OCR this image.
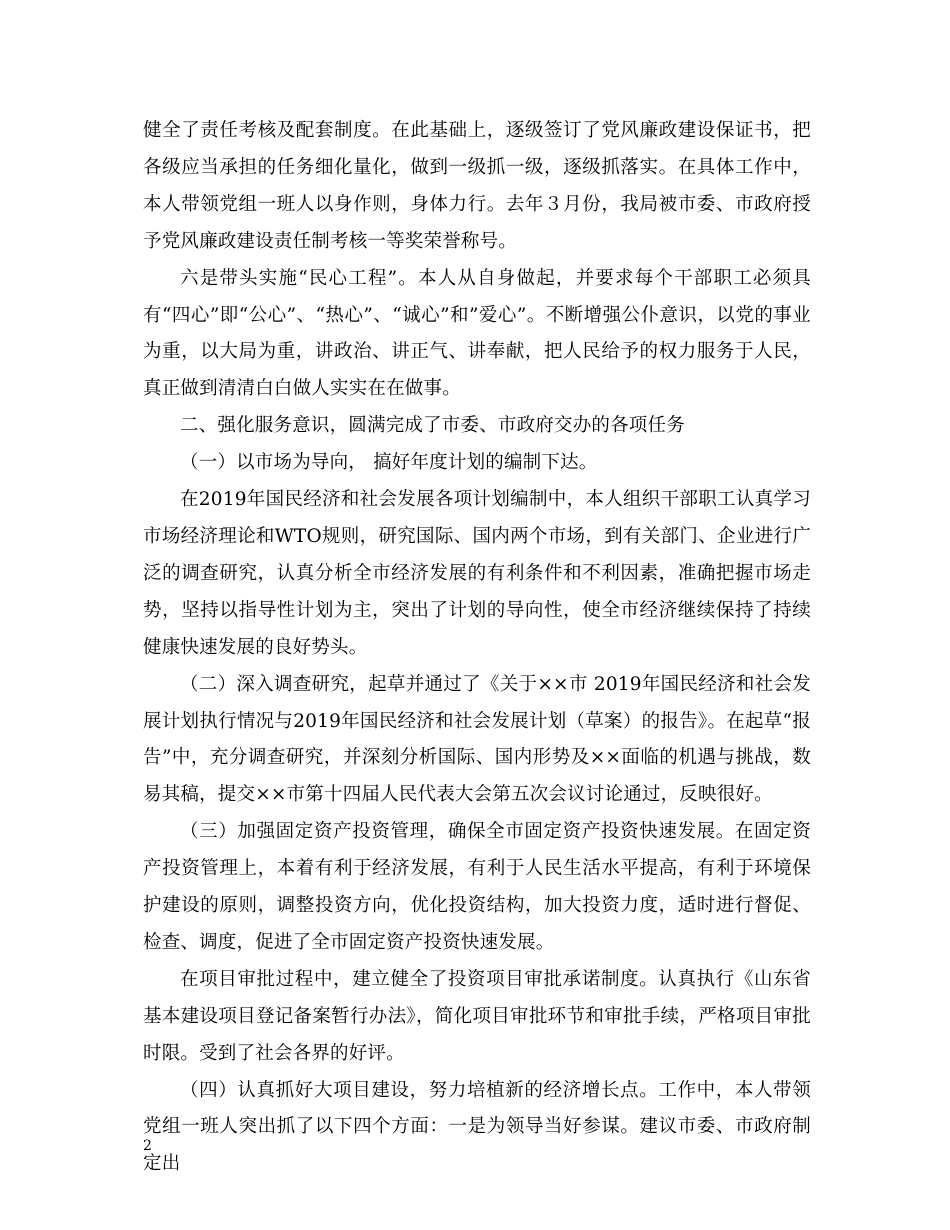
健全了责任考核及配套制度。在此基础上，逐级签订了党风廉政建设保证书，把各级应当承担的任务细化量化，做到一级抓一级，逐级抓落实。在具体工作中，本人带领党组一班人以身作则，身体力行。去年３月份，我局被市委、市政府授予党风廉政建设责任制考核一等奖荣誉称号。

六是带头实施“民心工程”。本人从自身做起，并要求每个干部职工必须具有“四心”即“公心”、“热心”、“诚心”和”爱心”。不断增强公仆意识，以党的事业为重，以大局为重，讲政治、讲正气、讲奉献，把人民给予的权力服务于人民，真正做到清清白白做人实实在在做事。

二、强化服务意识，圆满完成了市委、市政府交办的各项任务

（一）以市场为导向， 搞好年度计划的编制下达。

在2019年国民经济和社会发展各项计划编制中，本人组织干部职工认真学习市场经济理论和WTO规则，研究国际、国内两个市场，到有关部门、企业进行广泛的调查研究，认真分析全市经济发展的有利条件和不利因素，准确把握市场走势，坚持以指导性计划为主，突出了计划的导向性，使全市经济继续保持了持续健康快速发展的良好势头。

（二）深入调查研究，起草并通过了《关于××市 2019年国民经济和社会发展计划执行情况与2019年国民经济和社会发展计划（草案）的报告》。在起草“报告”中，充分调查研究，并深刻分析国际、国内形势及××面临的机遇与挑战，数易其稿，提交××市第十四届人民代表大会第五次会议讨论通过，反映很好。

（三）加强固定资产投资管理，确保全市固定资产投资快速发展。在固定资产投资管理上，本着有利于经济发展，有利于人民生活水平提高，有利于环境保护建设的原则，调整投资方向，优化投资结构，加大投资力度，适时进行督促、检查、调度，促进了全市固定资产投资快速发展。

在项目审批过程中，建立健全了投资项目审批承诺制度。认真执行《山东省基本建设项目登记备案暂行办法》，简化项目审批环节和审批手续，严格项目审批时限。受到了社会各界的好评。

（四）认真抓好大项目建设，努力培植新的经济增长点。工作中，本人带领党组一班人突出抓了以下四个方面：一是为领导当好参谋。建议市委、市政府制定出

2
